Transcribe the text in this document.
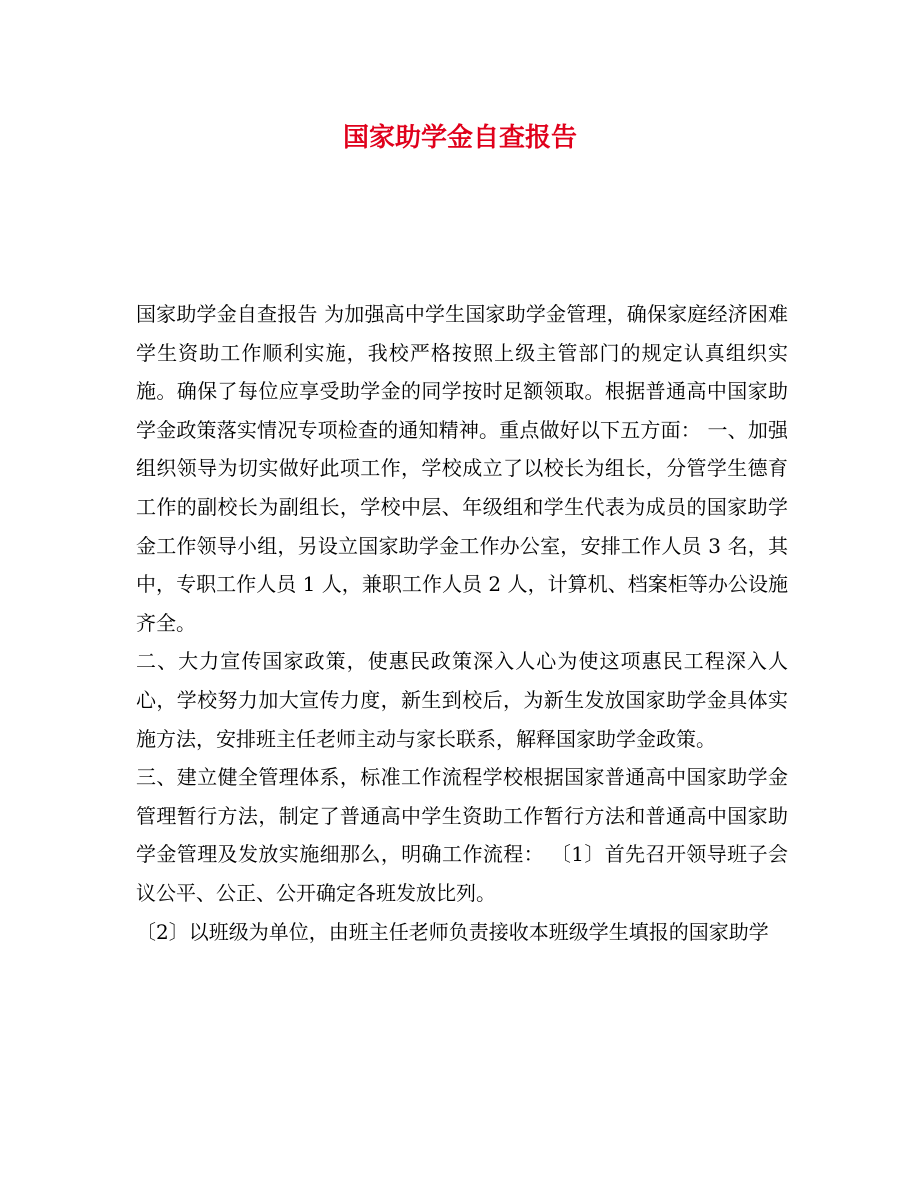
国家助学金自查报告

国家助学金自查报告 为加强高中学生国家助学金管理，确保家庭经济困难学生资助工作顺利实施，我校严格按照上级主管部门的规定认真组织实施。确保了每位应享受助学金的同学按时足额领取。根据普通高中国家助学金政策落实情况专项检查的通知精神。重点做好以下五方面： 一、加强组织领导为切实做好此项工作，学校成立了以校长为组长，分管学生德育工作的副校长为副组长，学校中层、年级组和学生代表为成员的国家助学金工作领导小组，另设立国家助学金工作办公室，安排工作人员 3 名，其中，专职工作人员 1 人，兼职工作人员 2 人，计算机、档案柜等办公设施齐全。

二、大力宣传国家政策，使惠民政策深入人心为使这项惠民工程深入人心，学校努力加大宣传力度，新生到校后，为新生发放国家助学金具体实施方法，安排班主任老师主动与家长联系，解释国家助学金政策。

三、建立健全管理体系，标准工作流程学校根据国家普通高中国家助学金管理暂行方法，制定了普通高中学生资助工作暂行方法和普通高中国家助学金管理及发放实施细那么，明确工作流程： 〔1〕首先召开领导班子会议公平、公正、公开确定各班发放比列。

〔2〕以班级为单位，由班主任老师负责接收本班级学生填报的国家助学
